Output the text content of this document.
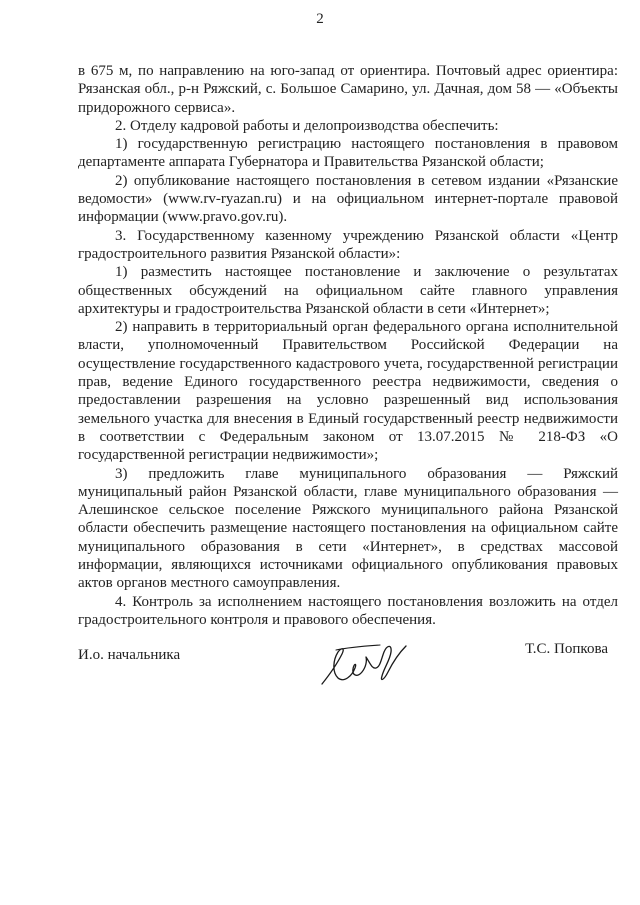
2

в 675 м, по направлению на юго-запад от ориентира. Почтовый адрес ориентира: Рязанская обл., р-н Ряжский, с. Большое Самарино, ул. Дачная, дом 58 — «Объекты придорожного сервиса».

2. Отделу кадровой работы и делопроизводства обеспечить:

1) государственную регистрацию настоящего постановления в правовом департаменте аппарата Губернатора и Правительства Рязанской области;

2) опубликование настоящего постановления в сетевом издании «Рязанские ведомости» (www.rv-ryazan.ru) и на официальном интернет-портале правовой информации (www.pravo.gov.ru).

3. Государственному казенному учреждению Рязанской области «Центр градостроительного развития Рязанской области»:

1) разместить настоящее постановление и заключение о результатах общественных обсуждений на официальном сайте главного управления архитектуры и градостроительства Рязанской области в сети «Интернет»;

2) направить в территориальный орган федерального органа исполнительной власти, уполномоченный Правительством Российской Федерации на осуществление государственного кадастрового учета, государственной регистрации прав, ведение Единого государственного реестра недвижимости, сведения о предоставлении разрешения на условно разрешенный вид использования земельного участка для внесения в Единый государственный реестр недвижимости в соответствии с Федеральным законом от 13.07.2015 № 218-ФЗ «О государственной регистрации недвижимости»;

3) предложить главе муниципального образования — Ряжский муниципальный район Рязанской области, главе муниципального образования — Алешинское сельское поселение Ряжского муниципального района Рязанской области обеспечить размещение настоящего постановления на официальном сайте муниципального образования в сети «Интернет», в средствах массовой информации, являющихся источниками официального опубликования правовых актов органов местного самоуправления.

4. Контроль за исполнением настоящего постановления возложить на отдел градостроительного контроля и правового обеспечения.

И.о. начальника	Т.С. Попкова
